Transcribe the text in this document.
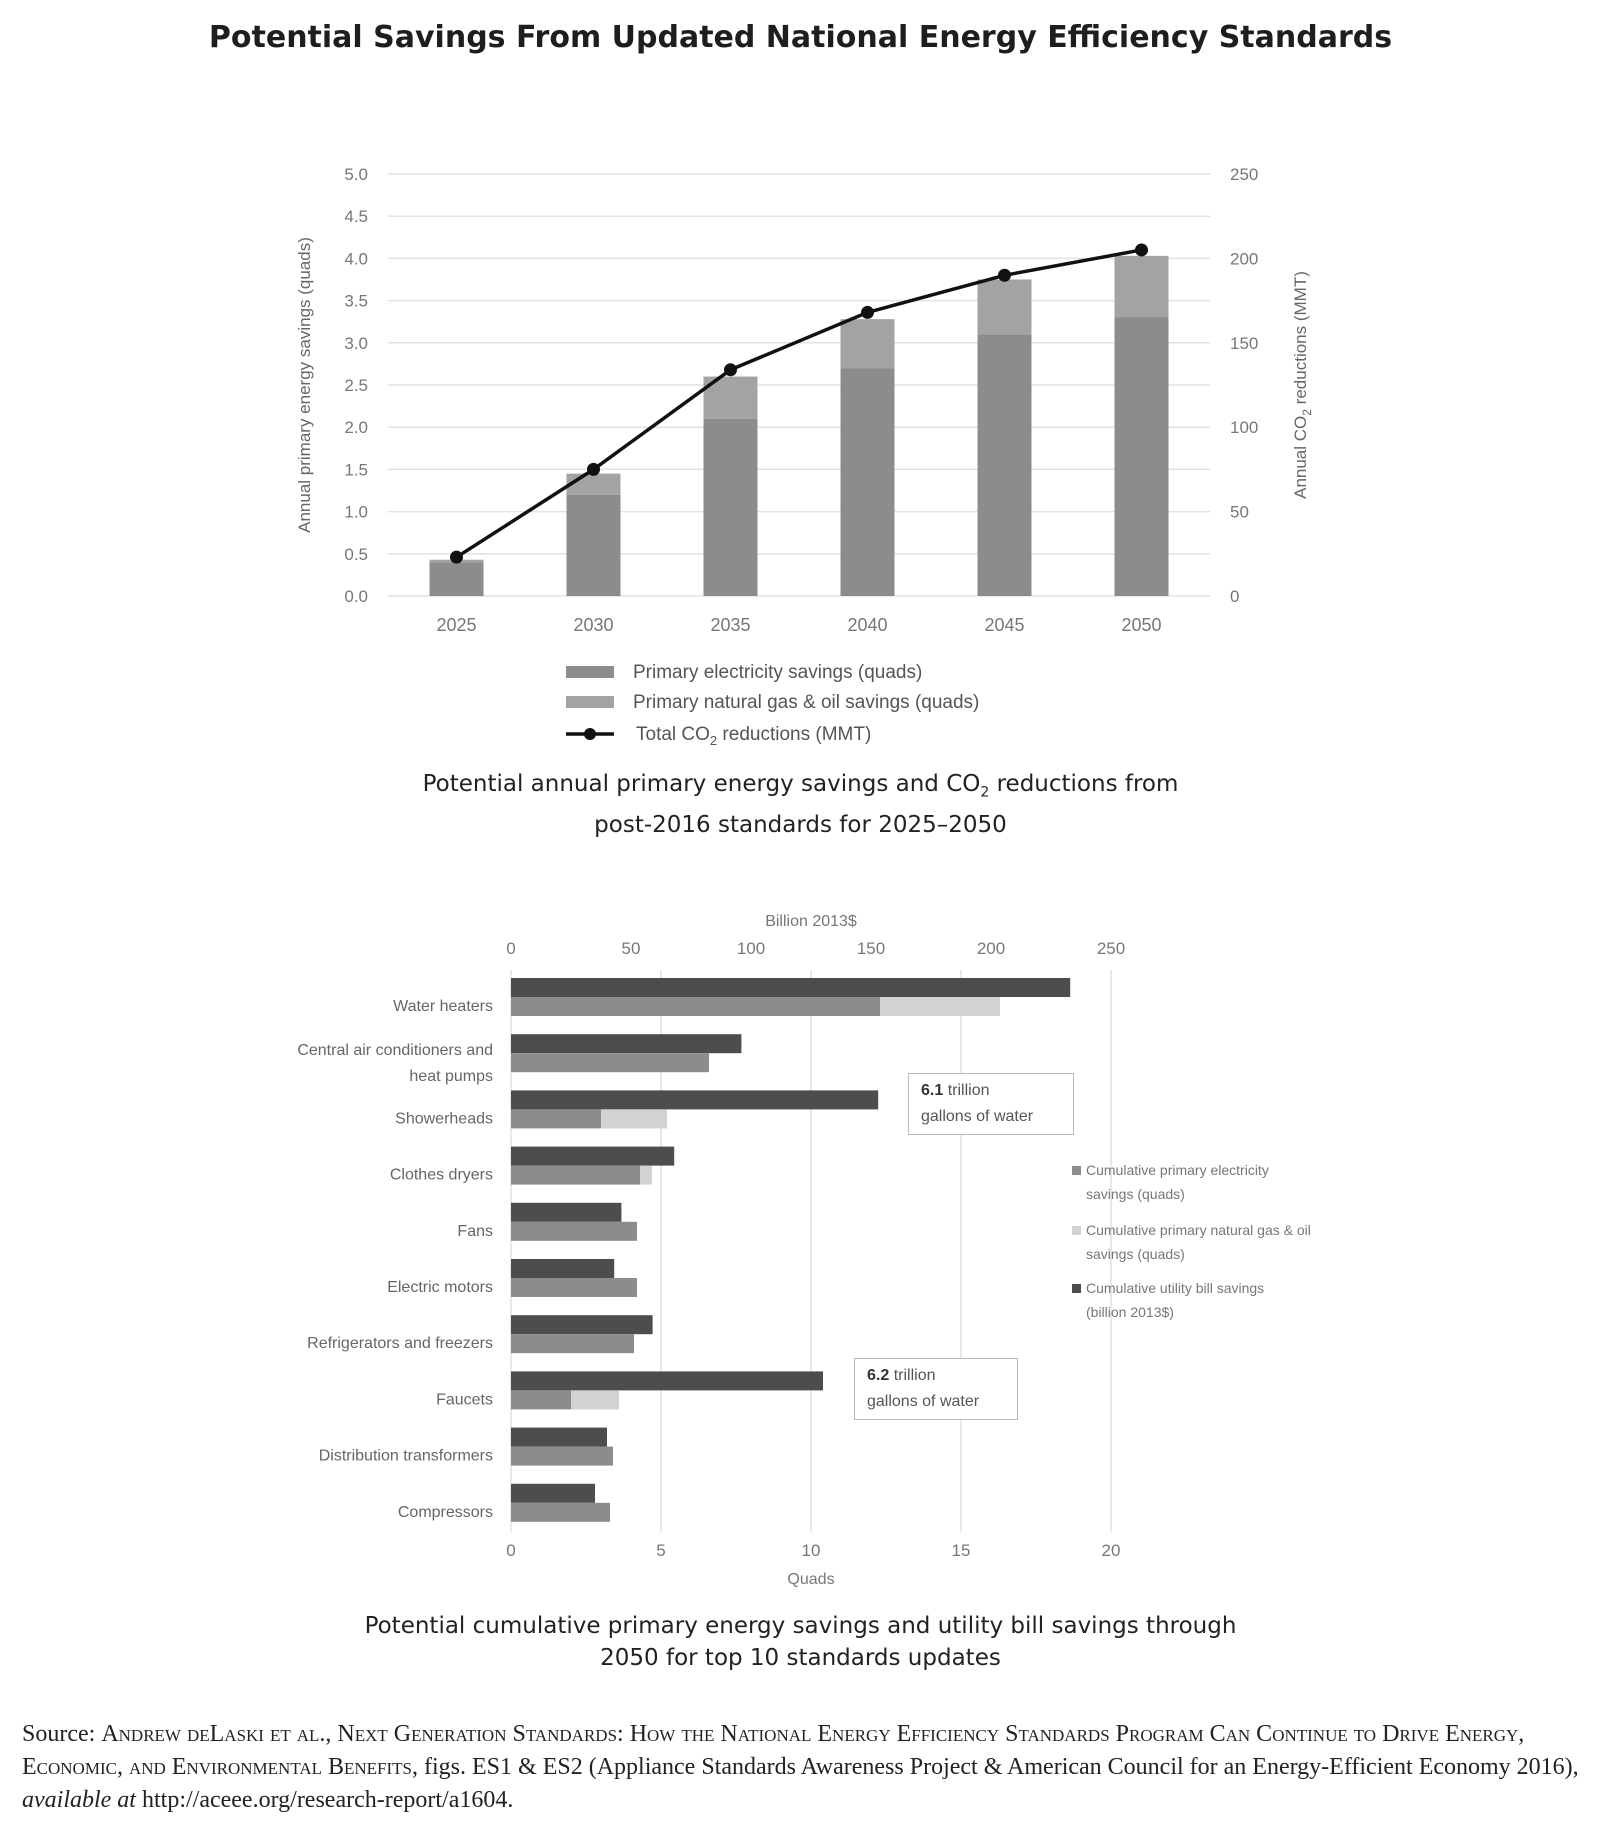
Potential Savings From Updated National Energy Efficiency Standards
0.0
0.5
1.0
1.5
2.0
2.5
3.0
3.5
4.0
4.5
5.0
0
50
100
150
200
250
Annual primary energy savings (quads)	Annual $CO_2$ reductions (MMT)
2025	2030	2035	2040	2045	2050
Primary electricity savings (quads)
Primary natural gas & oil savings (quads)
Total $CO_2$ reductions (MMT)
Potential annual primary energy savings and $CO_2$ reductions from
post-2016 standards for 2025–2050
0	5	10	15	20
0	50	100	150	200	250
Billion 2013$
Quads
Water heaters
Central air conditioners and
heat pumps
Showerheads
Clothes dryers
Fans
Electric motors
Refrigerators and freezers
Faucets
Distribution transformers
Compressors
Cumulative primary electricity
savings (quads)
Cumulative primary natural gas & oil
savings (quads)
Cumulative utility bill savings
(billion 2013$)
6.1 trillion
gallons of water
6.2 trillion
gallons of water
Potential cumulative primary energy savings and utility bill savings through
2050 for top 10 standards updates
Source: Andrew deLaski et al., Next Generation Standards: How the National Energy Efficiency Standards Program Can Continue to Drive Energy, Economic, and Environmental Benefits, figs. ES1 & ES2 (Appliance Standards Awareness Project & American Council for an Energy-Efficient Economy 2016), available at http://aceee.org/research-report/a1604.
